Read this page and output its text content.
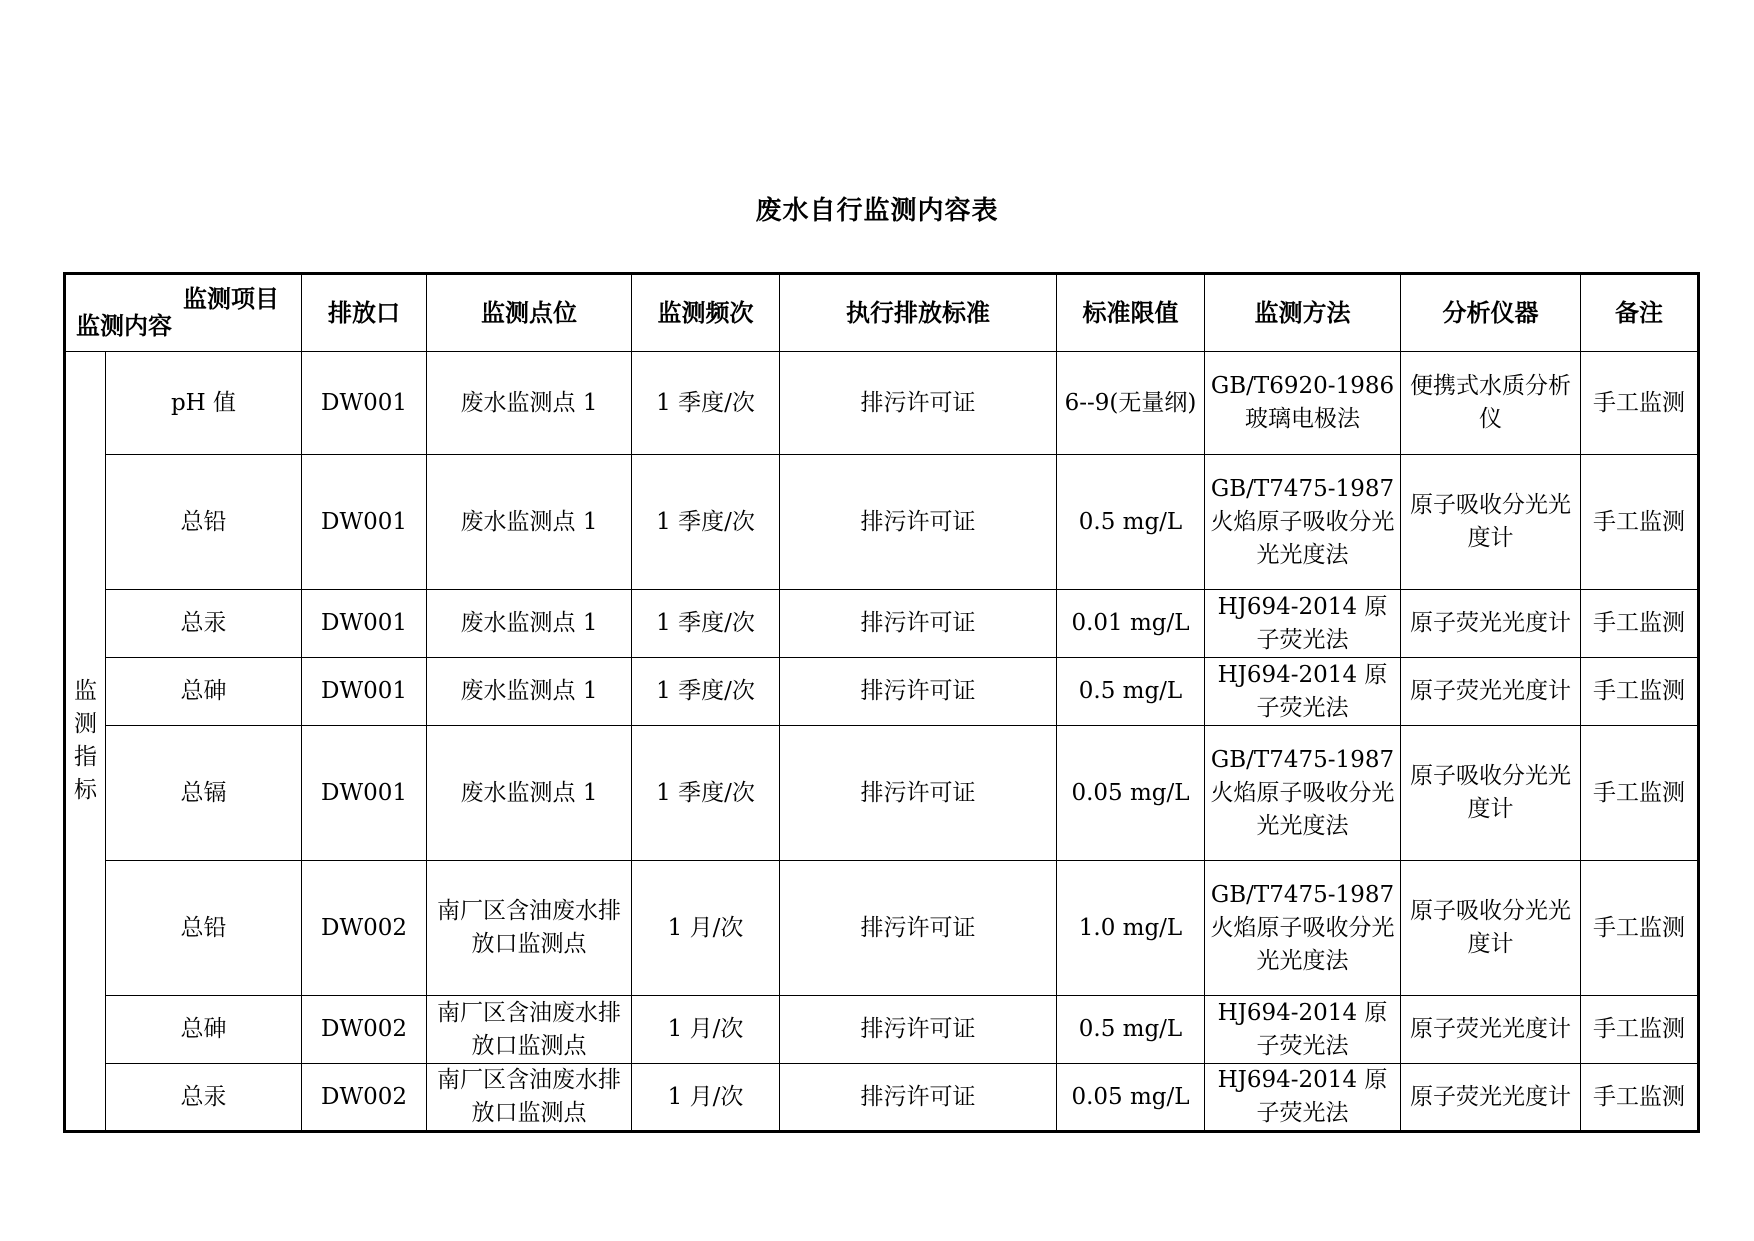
废水自行监测内容表
监测项目
监测内容		排放口	监测点位	监测频次	执行排放标准	标准限值	监测方法	分析仪器	备注

监
测
指
标	pH 值	DW001	废水监测点 1	1 季度/次	排污许可证	6--9(无量纲)	GB/T6920-1986 玻璃电极法	便携式水质分析仪	手工监测
	总铅	DW001	废水监测点 1	1 季度/次	排污许可证	0.5 mg/L	GB/T7475-1987 火焰原子吸收分光光光度法	原子吸收分光光度计	手工监测
	总汞	DW001	废水监测点 1	1 季度/次	排污许可证	0.01 mg/L	HJ694-2014 原子荧光法	原子荧光光度计	手工监测
	总砷	DW001	废水监测点 1	1 季度/次	排污许可证	0.5 mg/L	HJ694-2014 原子荧光法	原子荧光光度计	手工监测
	总镉	DW001	废水监测点 1	1 季度/次	排污许可证	0.05 mg/L	GB/T7475-1987 火焰原子吸收分光光光度法	原子吸收分光光度计	手工监测
	总铅	DW002	南厂区含油废水排放口监测点	1 月/次	排污许可证	1.0 mg/L	GB/T7475-1987 火焰原子吸收分光光光度法	原子吸收分光光度计	手工监测
	总砷	DW002	南厂区含油废水排放口监测点	1 月/次	排污许可证	0.5 mg/L	HJ694-2014 原子荧光法	原子荧光光度计	手工监测
	总汞	DW002	南厂区含油废水排放口监测点	1 月/次	排污许可证	0.05 mg/L	HJ694-2014 原子荧光法	原子荧光光度计	手工监测
